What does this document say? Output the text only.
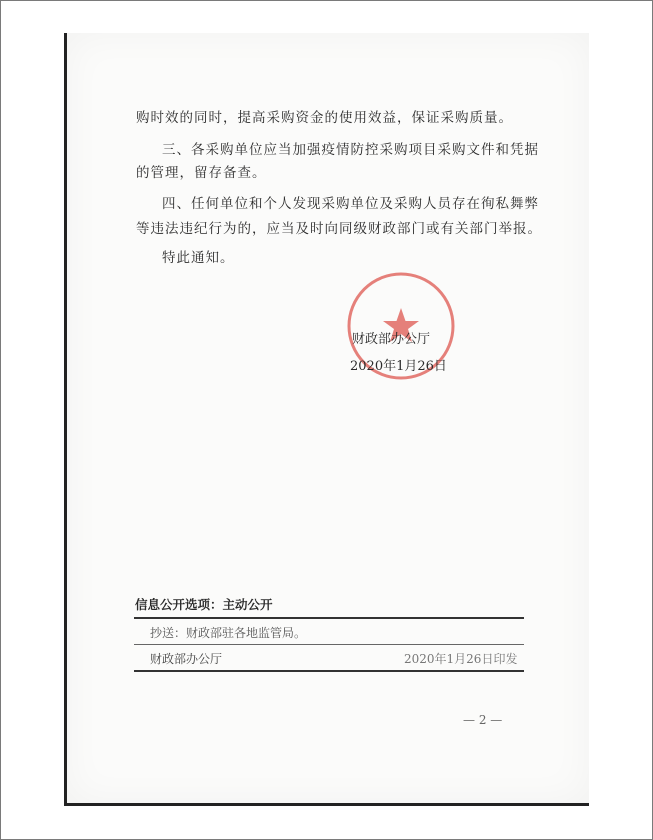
购时效的同时，提高采购资金的使用效益，保证采购质量。
三、各采购单位应当加强疫情防控采购项目采购文件和凭据
的管理，留存备查。
四、任何单位和个人发现采购单位及采购人员存在徇私舞弊
等违法违纪行为的，应当及时向同级财政部门或有关部门举报。
特此通知。
财政部办公厅
2020年1月26日
信息公开选项：主动公开
抄送：财政部驻各地监管局。
财政部办公厅	2020年1月26日印发
— 2 —
